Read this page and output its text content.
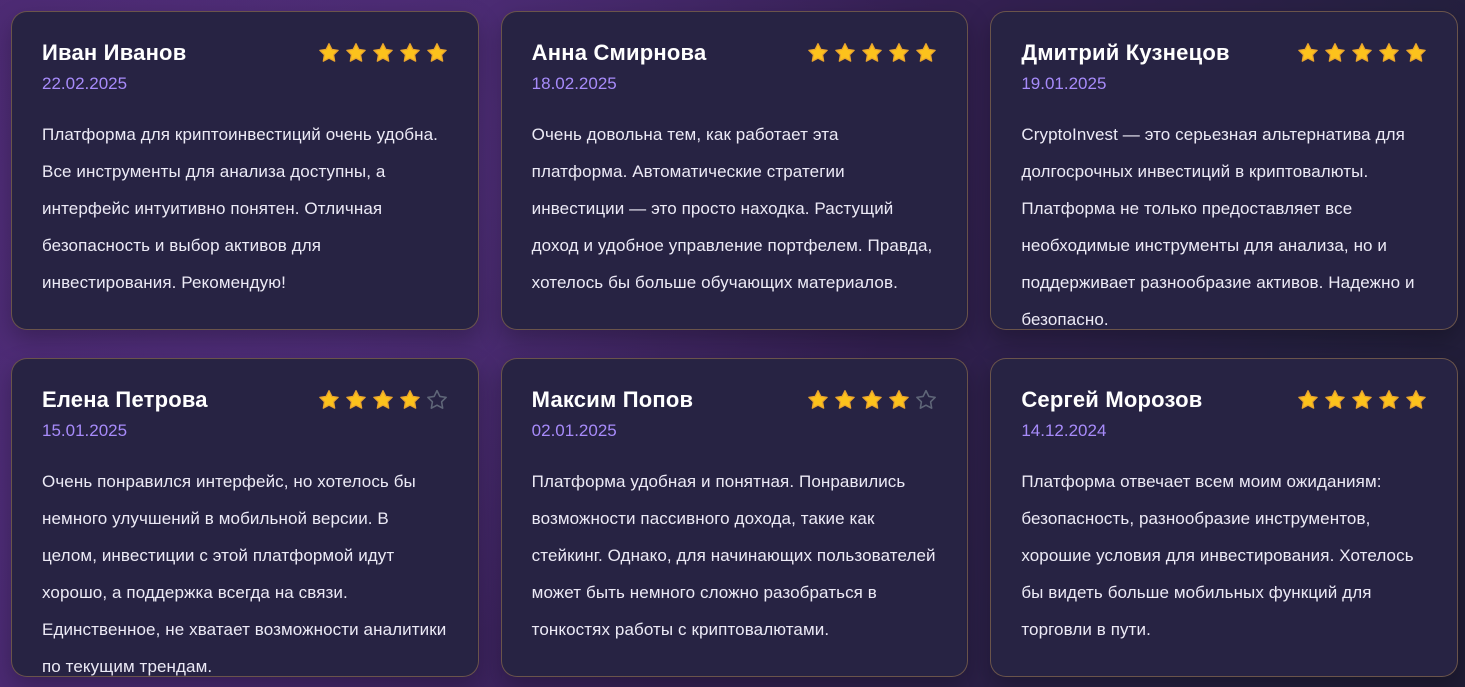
Иван Иванов
22.02.2025

Платформа для криптоинвестиций очень удобна. Все инструменты для анализа доступны, а интерфейс интуитивно понятен. Отличная безопасность и выбор активов для инвестирования. Рекомендую!

Анна Смирнова
18.02.2025

Очень довольна тем, как работает эта платформа. Автоматические стратегии инвестиции — это просто находка. Растущий доход и удобное управление портфелем. Правда, хотелось бы больше обучающих материалов.

Дмитрий Кузнецов
19.01.2025

CryptoInvest — это серьезная альтернатива для долгосрочных инвестиций в криптовалюты. Платформа не только предоставляет все необходимые инструменты для анализа, но и поддерживает разнообразие активов. Надежно и безопасно.

Елена Петрова
15.01.2025

Очень понравился интерфейс, но хотелось бы немного улучшений в мобильной версии. В целом, инвестиции с этой платформой идут хорошо, а поддержка всегда на связи. Единственное, не хватает возможности аналитики по текущим трендам.

Максим Попов
02.01.2025

Платформа удобная и понятная. Понравились возможности пассивного дохода, такие как стейкинг. Однако, для начинающих пользователей может быть немного сложно разобраться в тонкостях работы с криптовалютами.

Сергей Морозов
14.12.2024

Платформа отвечает всем моим ожиданиям: безопасность, разнообразие инструментов, хорошие условия для инвестирования. Хотелось бы видеть больше мобильных функций для торговли в пути.
